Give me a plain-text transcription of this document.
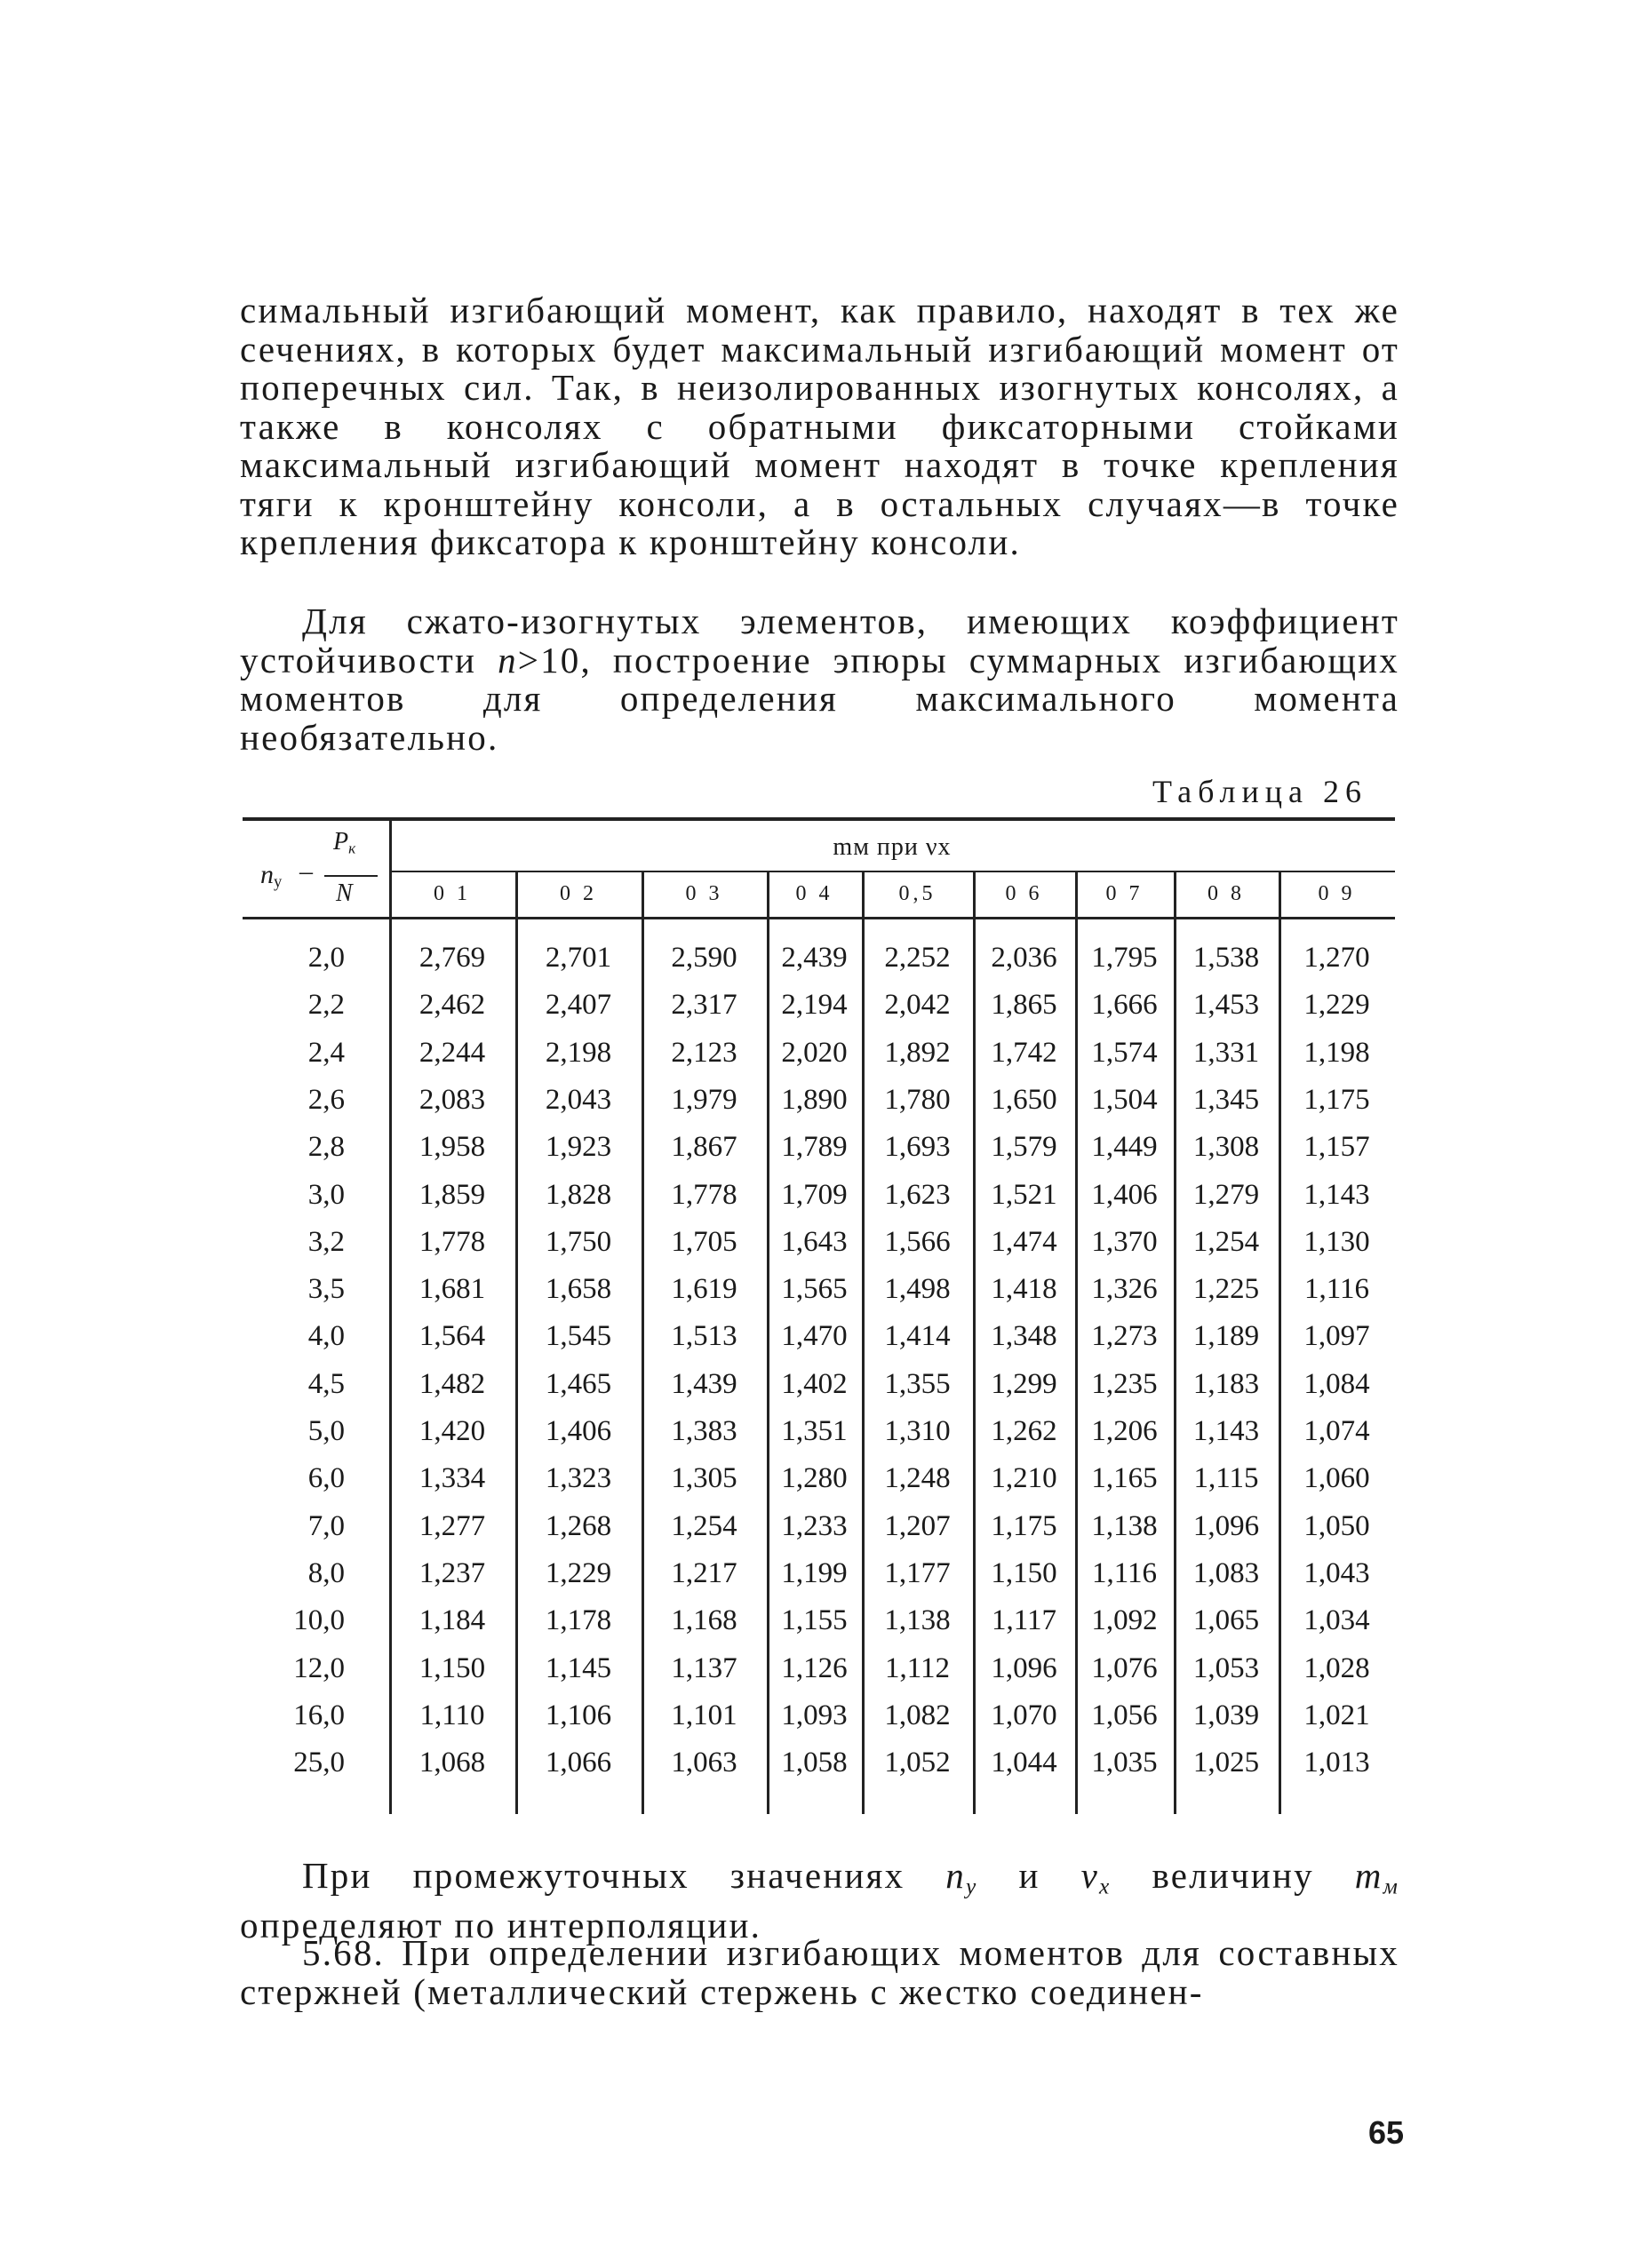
симальный изгибающий момент, как правило, находят в тех же сечениях, в которых будет максимальный изгибающий момент от поперечных сил. Так, в неизолированных изогнутых консолях, а также в консолях с обратными фиксаторными стойками максимальный изгибающий момент находят в точке крепления тяги к кронштейну консоли, а в остальных случаях—в точке крепления фиксатора к кронштейну консоли.

Для сжато-изогнутых элементов, имеющих коэффициент устойчивости n>10, построение эпюры суммарных изгибающих моментов для определения максимального момента необязательно.

Таблица 26
$n_у$ –
$P_к$
N
mм при νx
0 1	0 2	0 3	0 4	0,5	0 6	0 7	0 8	0 9
2,0	2,769	2,701	2,590	2,439	2,252	2,036	1,795	1,538	1,270
2,2	2,462	2,407	2,317	2,194	2,042	1,865	1,666	1,453	1,229
2,4	2,244	2,198	2,123	2,020	1,892	1,742	1,574	1,331	1,198
2,6	2,083	2,043	1,979	1,890	1,780	1,650	1,504	1,345	1,175
2,8	1,958	1,923	1,867	1,789	1,693	1,579	1,449	1,308	1,157
3,0	1,859	1,828	1,778	1,709	1,623	1,521	1,406	1,279	1,143
3,2	1,778	1,750	1,705	1,643	1,566	1,474	1,370	1,254	1,130
3,5	1,681	1,658	1,619	1,565	1,498	1,418	1,326	1,225	1,116
4,0	1,564	1,545	1,513	1,470	1,414	1,348	1,273	1,189	1,097
4,5	1,482	1,465	1,439	1,402	1,355	1,299	1,235	1,183	1,084
5,0	1,420	1,406	1,383	1,351	1,310	1,262	1,206	1,143	1,074
6,0	1,334	1,323	1,305	1,280	1,248	1,210	1,165	1,115	1,060
7,0	1,277	1,268	1,254	1,233	1,207	1,175	1,138	1,096	1,050
8,0	1,237	1,229	1,217	1,199	1,177	1,150	1,116	1,083	1,043
10,0	1,184	1,178	1,168	1,155	1,138	1,117	1,092	1,065	1,034
12,0	1,150	1,145	1,137	1,126	1,112	1,096	1,076	1,053	1,028
16,0	1,110	1,106	1,101	1,093	1,082	1,070	1,056	1,039	1,021
25,0	1,068	1,066	1,063	1,058	1,052	1,044	1,035	1,025	1,013

При промежуточных значениях $n_у$ и $\nu_x$ величину $m_м$ определяют по интерполяции.

5.68. При определении изгибающих моментов для составных стержней (металлический стержень с жестко соединен-

65
